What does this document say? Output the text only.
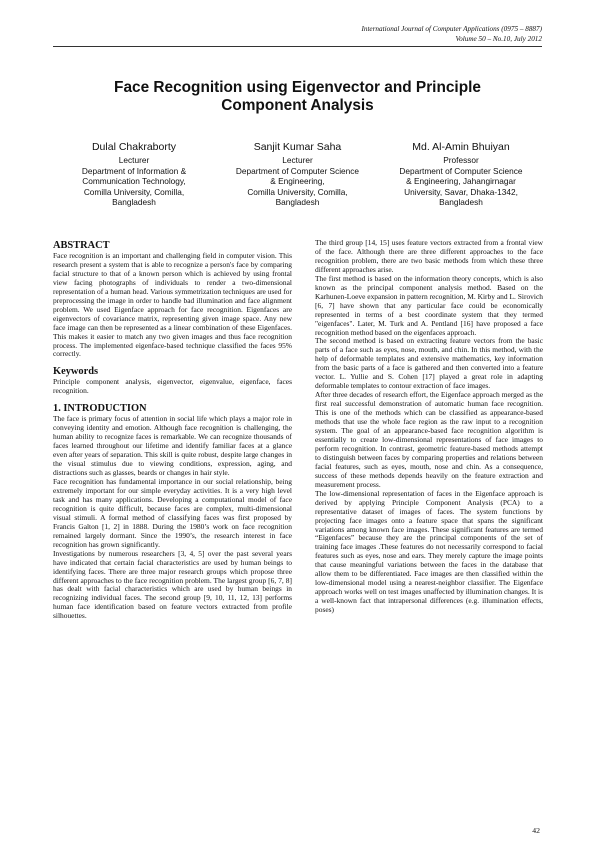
International Journal of Computer Applications (0975 – 8887)
Volume 50 – No.10, July 2012
Face Recognition using Eigenvector and Principle
Component Analysis
Dulal Chakraborty
Lecturer
Department of Information &
Communication Technology,
Comilla University, Comilla,
Bangladesh
Sanjit Kumar Saha
Lecturer
Department of Computer Science
& Engineering,
Comilla University, Comilla,
Bangladesh
Md. Al-Amin Bhuiyan
Professor
Department of Computer Science
& Engineering, Jahangirnagar
University, Savar, Dhaka-1342,
Bangladesh
ABSTRACT

Face recognition is an important and challenging field in computer vision. This research present a system that is able to recognize a person's face by comparing facial structure to that of a known person which is achieved by using frontal view facing photographs of individuals to render a two-dimensional representation of a human head. Various symmetrization techniques are used for preprocessing the image in order to handle bad illumination and face alignment problem. We used Eigenface approach for face recognition. Eigenfaces are eigenvectors of covariance matrix, representing given image space. Any new face image can then be represented as a linear combination of these Eigenfaces. This makes it easier to match any two given images and thus face recognition process. The implemented eigenface-based technique classified the faces 95% correctly.

Keywords

Principle component analysis, eigenvector, eigenvalue, eigenface, faces recognition.

1. INTRODUCTION

The face is primary focus of attention in social life which plays a major role in conveying identity and emotion. Although face recognition is challenging, the human ability to recognize faces is remarkable. We can recognize thousands of faces learned throughout our lifetime and identify familiar faces at a glance even after years of separation. This skill is quite robust, despite large changes in the visual stimulus due to viewing conditions, expression, aging, and distractions such as glasses, beards or changes in hair style.

Face recognition has fundamental importance in our social relationship, being extremely important for our simple everyday activities. It is a very high level task and has many applications. Developing a computational model of face recognition is quite difficult, because faces are complex, multi-dimensional visual stimuli. A formal method of classifying faces was first proposed by Francis Galton [1, 2] in 1888. During the 1980’s work on face recognition remained largely dormant. Since the 1990’s, the research interest in face recognition has grown significantly.

Investigations by numerous researchers [3, 4, 5] over the past several years have indicated that certain facial characteristics are used by human beings to identifying faces. There are three major research groups which propose three different approaches to the face recognition problem. The largest group [6, 7, 8] has dealt with facial characteristics which are used by human beings in recognizing individual faces. The second group [9, 10, 11, 12, 13] performs human face identification based on feature vectors extracted from profile silhouettes.

The third group [14, 15] uses feature vectors extracted from a frontal view of the face. Although there are three different approaches to the face recognition problem, there are two basic methods from which these three different approaches arise.

The first method is based on the information theory concepts, which is also known as the principal component analysis method. Based on the Karhunen-Loeve expansion in pattern recognition, M. Kirby and L. Sirovich [6, 7] have shown that any particular face could be economically represented in terms of a best coordinate system that they termed "eigenfaces". Later, M. Turk and A. Pentland [16] have proposed a face recognition method based on the eigenfaces approach.

The second method is based on extracting feature vectors from the basic parts of a face such as eyes, nose, mouth, and chin. In this method, with the help of deformable templates and extensive mathematics, key information from the basic parts of a face is gathered and then converted into a feature vector. L. Yullie and S. Cohen [17] played a great role in adapting deformable templates to contour extraction of face images.

After three decades of research effort, the Eigenface approach merged as the first real successful demonstration of automatic human face recognition. This is one of the methods which can be classified as appearance-based methods that use the whole face region as the raw input to a recognition system. The goal of an appearance-based face recognition algorithm is essentially to create low-dimensional representations of face images to perform recognition. In contrast, geometric feature-based methods attempt to distinguish between faces by comparing properties and relations between facial features, such as eyes, mouth, nose and chin. As a consequence, success of these methods depends heavily on the feature extraction and measurement process.

The low-dimensional representation of faces in the Eigenface approach is derived by applying Principle Component Analysis (PCA) to a representative dataset of images of faces. The system functions by projecting face images onto a feature space that spans the significant variations among known face images. These significant features are termed “Eigenfaces” because they are the principal components of the set of training face images .These features do not necessarily correspond to facial features such as eyes, nose and ears. They merely capture the image points that cause meaningful variations between the faces in the database that allow them to be differentiated. Face images are then classified within the low-dimensional model using a nearest-neighbor classifier. The Eigenface approach works well on test images unaffected by illumination changes. It is a well-known fact that intrapersonal differences (e.g. illumination effects, poses)

42
